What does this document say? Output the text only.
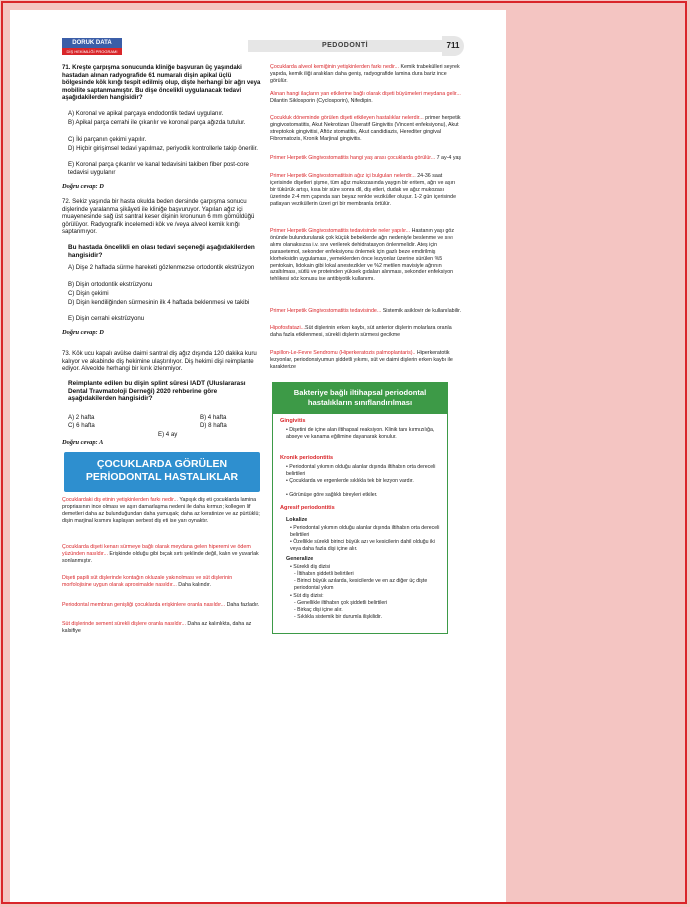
DORUK DATA
DİŞ HEKİMLİĞİ PROGRAMI
PEDODONTİ	711
71. Kreşte çarpışma sonucunda kliniğe başvuran üç yaşındaki hastadan alınan radyografide 61 numaralı dişin apikal üçlü bölgesinde kök kırığı tespit edilmiş olup, dişte herhangi bir ağrı veya mobilite saptanmamıştır. Bu dişe öncelikli uygulanacak tedavi aşağıdakilerden hangisidir?
A) Koronal ve apikal parçaya endodontik tedavi uygulanır.
B) Apikal parça cerrahi ile çıkarılır ve koronal parça ağızda tutulur.
C) İki parçanın çekimi yapılır.
D) Hiçbir girişimsel tedavi yapılmaz, periyodik kontrollerle takip önerilir.
E) Koronal parça çıkarılır ve kanal tedavisini takiben fiber post-core tedavisi uygulanır
Doğru cevap: D
72. Sekiz yaşında bir hasta okulda beden dersinde çarpışma sonucu dişlerinde yaralanma şikâyeti ile kliniğe başvuruyor. Yapılan ağız içi muayenesinde sağ üst santral keser dişinin kronunun 6 mm gömüldüğü görülüyor. Radyografik incelemedi kök ve /veya alveol kemik kırığı saptanmıyor.
Bu hastada öncelikli en olası tedavi seçeneği aşağıdakilerden hangisidir?
A) Dişe 2 haftada sürme hareketi gözlenmezse ortodontik ekstrüzyon
B) Dişin ortodontik ekstrüzyonu
C) Dişin çekimi
D) Dişin kendiliğinden sürmesinin ilk 4 haftada beklenmesi ve takibi
E) Dişin cerrahi ekstrüzyonu
Doğru cevap: D
73. Kök ucu kapalı avülse daimi santral diş ağız dışında 120 dakika kuru kalıyor ve akabinde diş hekimine ulaştırılıyor. Diş hekimi dişi reimplante ediyor. Alveolde herhangi bir kırık izlenmiyor.
Reimplante edilen bu dişin splint süresi IADT (Uluslararası Dental Travmatoloji Derneği) 2020 rehberine göre aşağıdakilerden hangisidir?
A) 2 hafta	B) 4 hafta
C) 6 hafta	D) 8 hafta
E) 4 ay
Doğru cevap: A
ÇOCUKLARDA GÖRÜLEN
PERİODONTAL HASTALIKLAR
Çocuklardaki diş etinin yetişkinlerden farkı nedir... Yapışık diş eti çocuklarda lamina propriasının ince olması ve aşırı damarlaşma nedeni ile daha kırmızı; kollegen lif demetleri daha az bulunduğundan daha yumuşak; daha az keratinize ve az pürtüklü; dişin marjinal kısmını kaplayan serbest diş eti ise yarı oynaktır.
Çocuklarda dişeti kenarı sürmeye bağlı olarak meydana gelen hiperemi ve ödem yüzünden nasıldır... Erişkinde olduğu gibi bıçak sırtı şeklinde değil, kalın ve yuvarlak sonlanmıştır.
Dişeti papili süt dişlerinde kontağın okluzale yakınolması ve süt dişlerinin morfolojisine uygun olarak aproximalde nasıldır... Daha kalındır.
Periodontal membran genişliği çocuklarda erişkinlere oranla nasıldır... Daha fazladır.
Süt dişlerinde sement sürekli dişlere oranla nasıldır... Daha az kalınlıkta, daha az kalsifiye
Çocuklarda alveol kemiğinin yetişkinlerden farkı nedir... Kemik trabekülleri seyrek yapıda, kemik iliği aralıkları daha geniş, radyografide lamina dura bariz ince görülür.
Alınan hangi ilaçların yan etkilerine bağlı olarak dişeti büyümeleri meydana gelir... Dilantin Siklosporin (Cyclosporin), Nifedipin.
Çocukluk döneminde görülen dişeti etkileyen hastalıklar nelerdir... primer herpetik gingivostomatitis, Akut Nekrotizan Ülseratif Gingivitis (Vincent enfeksiyonu), Akut streptokok gingivitisi, Aftöz stomatitis, Akut candidiazis, Herediter gingival Fibromatozis, Kronik Marjinal gingivitis.
Primer Herpetik Gingivostomatitis hangi yaş arası çocuklarda görülür... 7 ay-4 yaş
Primer Herpetik Gingivostomatitisin ağız içi bulguları nelerdir... 24-36 saat içerisinde dişetleri şişme, tüm ağız mukozasında yaygın bir eritem, ağrı ve aşırı bir tükürük artışı, kısa bir süre sonra dil, diş etleri, dudak ve ağız mukozası üzerinde 2-4 mm çapında sarı beyaz renkte veziküller oluşur. 1-2 gün içerisinde patlayan veziküllerin üzeri gri bir membranla örtülür.
Primer Herpetik Gingivostomatitis tedavisinde neler yapılır... Hastanın yaşı göz önünde bulundurularak çok küçük bebeklerde ağrı nedeniyle beslenme ve sıvı alımı olanaksızsa i.v. sıvı verilerek dehidratasyon önlenmelidir. Ateş için parasetemol, sekonder enfeksiyonu önlemek için gazlı beze emdirilmiş klorheksidin uygulaması, yemeklerden önce lezyonlar üzerine sürülen %5 pentokain, lidokain gibi lokal anestezikler ve %2 metilen mavisiyle ağrının azaltılması, sütlü ve proteinden yüksek gıdaları alınması, sekonder enfeksiyon tehlikesi söz konusu ise antibiyotik kullanımı.
Primer Herpetik Gingivostomatitis tedavisinde... Sistemik asiklovir de kullanılabilir.
Hipofosfatazi...Süt dişlerinin erken kaybı, süt anterior dişlerin molarlara oranla daha fazla etkilenmesi, sürekli dişlerin sürmesi gecikme
Papillon-Le-Fevre Sendromu (Hiperkeratozis palmoplantaris).. Hiperkeratotik lezyonlar, periodonsiyumun şiddetli yıkımı, süt ve daimi dişlerin erken kaybı ile karakterize
Bakteriye bağlı iltihapsal periodontal
hastalıkların sınıflandırılması
Gingivitis
• Dişetini de içine alan iltihapsal reaksiyon. Klinik tanı kırmızılığa, abseye ve kanama eğilimine dayanarak konulur.
Kronik periodontitis
• Periodontal yıkımın olduğu alanlar dışında iltihabın orta dereceli belirtileri
• Çocuklarda ve ergenlerde sıklıkla tek bir lezyon vardır.
• Görünüşe göre sağlıklı bireyleri etkiler.
Agresif periodontitis
Lokalize
• Periodontal yıkımın olduğu alanlar dışında iltihabın orta dereceli belirtileri
• Özellikle sürekli birinci büyük azı ve kesicilerin dahil olduğu iki veya daha fazla dişi içine alır.
Generalize
• Sürekli diş dizisi
- İltihabın şiddetli belirtileri
- Birinci büyük azılarda, kesicilerde ve en az diğer üç dişte periodontal yıkım
• Süt diş dizisi:
- Genellikle iltihabın çok şiddetli belirtileri
- Birkaç dişi içine alır.
- Sıklıkla sistemik bir durumla ilişkilidir.
